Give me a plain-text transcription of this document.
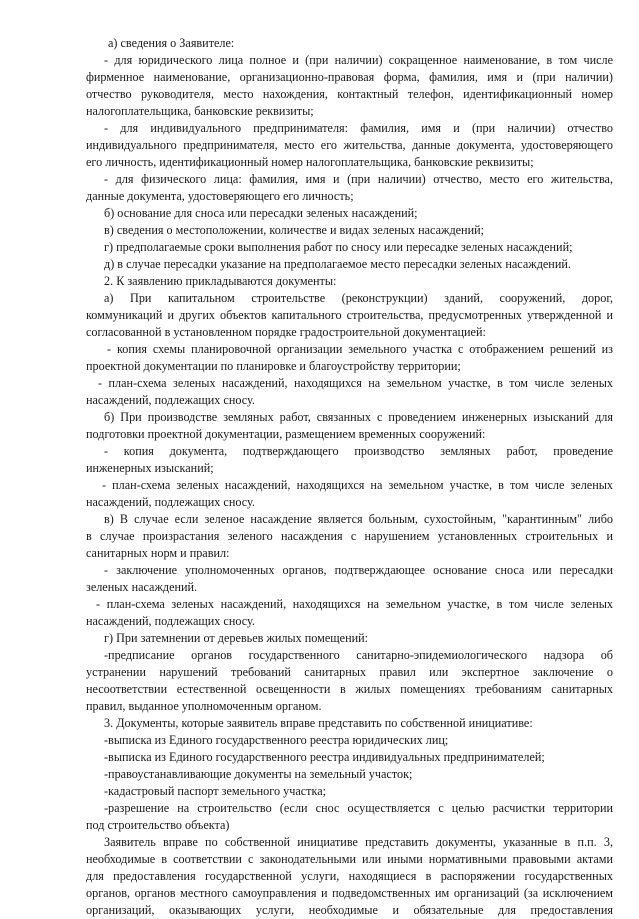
а) сведения о Заявителе:
- для юридического лица полное и (при наличии) сокращенное наименование, в том числе
фирменное наименование, организационно-правовая форма, фамилия, имя и (при наличии)
отчество руководителя, место нахождения, контактный телефон, идентификационный номер
налогоплательщика, банковские реквизиты;
- для индивидуального предпринимателя: фамилия, имя и (при наличии) отчество
индивидуального предпринимателя, место его жительства, данные документа, удостоверяющего
его личность, идентификационный номер налогоплательщика, банковские реквизиты;
- для физического лица: фамилия, имя и (при наличии) отчество, место его жительства,
данные документа, удостоверяющего его личность;
б) основание для сноса или пересадки зеленых насаждений;
в) сведения о местоположении, количестве и видах зеленых насаждений;
г) предполагаемые сроки выполнения работ по сносу или пересадке зеленых насаждений;
д) в случае пересадки указание на предполагаемое место пересадки зеленых насаждений.
2. К заявлению прикладываются документы:
а) При капитальном строительстве (реконструкции) зданий, сооружений, дорог,
коммуникаций и других объектов капитального строительства, предусмотренных утвержденной и
согласованной в установленном порядке градостроительной документацией:
- копия схемы планировочной организации земельного участка с отображением решений из
проектной документации по планировке и благоустройству территории;
- план-схема зеленых насаждений, находящихся на земельном участке, в том числе зеленых
насаждений, подлежащих сносу.
б) При производстве земляных работ, связанных с проведением инженерных изысканий для
подготовки проектной документации, размещением временных сооружений:
- копия документа, подтверждающего производство земляных работ, проведение
инженерных изысканий;
- план-схема зеленых насаждений, находящихся на земельном участке, в том числе зеленых
насаждений, подлежащих сносу.
в) В случае если зеленое насаждение является больным, сухостойным, "карантинным" либо
в случае произрастания зеленого насаждения с нарушением установленных строительных и
санитарных норм и правил:
- заключение уполномоченных органов, подтверждающее основание сноса или пересадки
зеленых насаждений.
- план-схема зеленых насаждений, находящихся на земельном участке, в том числе зеленых
насаждений, подлежащих сносу.
г) При затемнении от деревьев жилых помещений:
-предписание органов государственного санитарно-эпидемиологического надзора об
устранении нарушений требований санитарных правил или экспертное заключение о
несоответствии естественной освещенности в жилых помещениях требованиям санитарных
правил, выданное уполномоченным органом.
3. Документы, которые заявитель вправе представить по собственной инициативе:
-выписка из Единого государственного реестра юридических лиц;
-выписка из Единого государственного реестра индивидуальных предпринимателей;
-правоустанавливающие документы на земельный участок;
-кадастровый паспорт земельного участка;
-разрешение на строительство (если снос осуществляется с целью расчистки территории
под строительство объекта)
Заявитель вправе по собственной инициативе представить документы, указанные в п.п. 3,
необходимые в соответствии с законодательными или иными нормативными правовыми актами
для предоставления государственной услуги, находящиеся в распоряжении государственных
органов, органов местного самоуправления и подведомственных им организаций (за исключением
организаций, оказывающих услуги, необходимые и обязательные для предоставления
